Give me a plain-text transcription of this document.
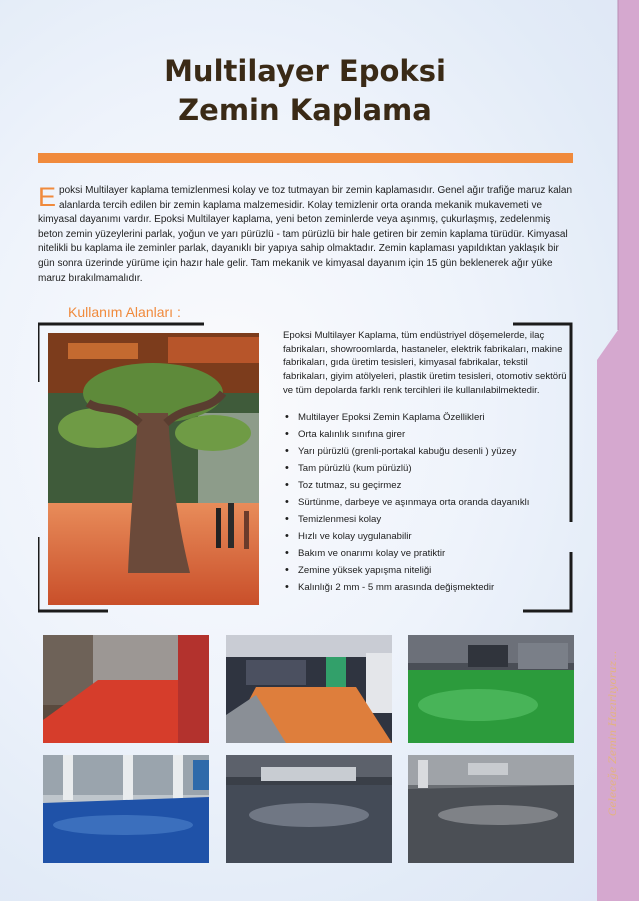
Multilayer Epoksi
Zemin Kaplama
Epoksi Multilayer kaplama temizlenmesi kolay ve toz tutmayan bir zemin kaplamasıdır. Genel ağır trafiğe maruz kalan alanlarda tercih edilen bir zemin kaplama malzemesidir. Kolay temizlenir orta oranda mekanik mukavemeti ve kimyasal dayanımı vardır. Epoksi Multilayer kaplama, yeni beton zeminlerde veya aşınmış, çukurlaşmış, zedelenmiş beton zemin yüzeylerini parlak, yoğun ve yarı pürüzlü - tam pürüzlü bir hale getiren bir zemin kaplama türüdür. Kimyasal nitelikli bu kaplama ile zeminler parlak, dayanıklı bir yapıya sahip olmaktadır. Zemin kaplaması yapıldıktan yaklaşık bir gün sonra üzerinde yürüme için hazır hale gelir. Tam mekanik ve kimyasal dayanım için 15 gün beklenerek ağır yüke maruz bırakılmamalıdır.
Kullanım Alanları :

Epoksi Multilayer Kaplama, tüm endüstriyel döşemelerde, ilaç fabrikaları, showroomlarda, hastaneler, elektrik fabrikaları, makine fabrikaları, gıda üretim tesisleri, kimyasal fabrikalar, tekstil fabrikaları, giyim atölyeleri, plastik üretim tesisleri, otomotiv sektörü ve tüm depolarda farklı renk tercihleri ile kullanılabilmektedir.

• Multilayer Epoksi Zemin Kaplama Özellikleri
• Orta kalınlık sınıfına girer
• Yarı pürüzlü (grenli-portakal kabuğu desenli ) yüzey
• Tam pürüzlü (kum pürüzlü)
• Toz tutmaz, su geçirmez
• Sürtünme, darbeye ve aşınmaya orta oranda dayanıklı
• Temizlenmesi kolay
• Hızlı ve kolay uygulanabilir
• Bakım ve onarımı kolay ve pratiktir
• Zemine yüksek yapışma niteliği
• Kalınlığı 2 mm - 5 mm arasında değişmektedir
